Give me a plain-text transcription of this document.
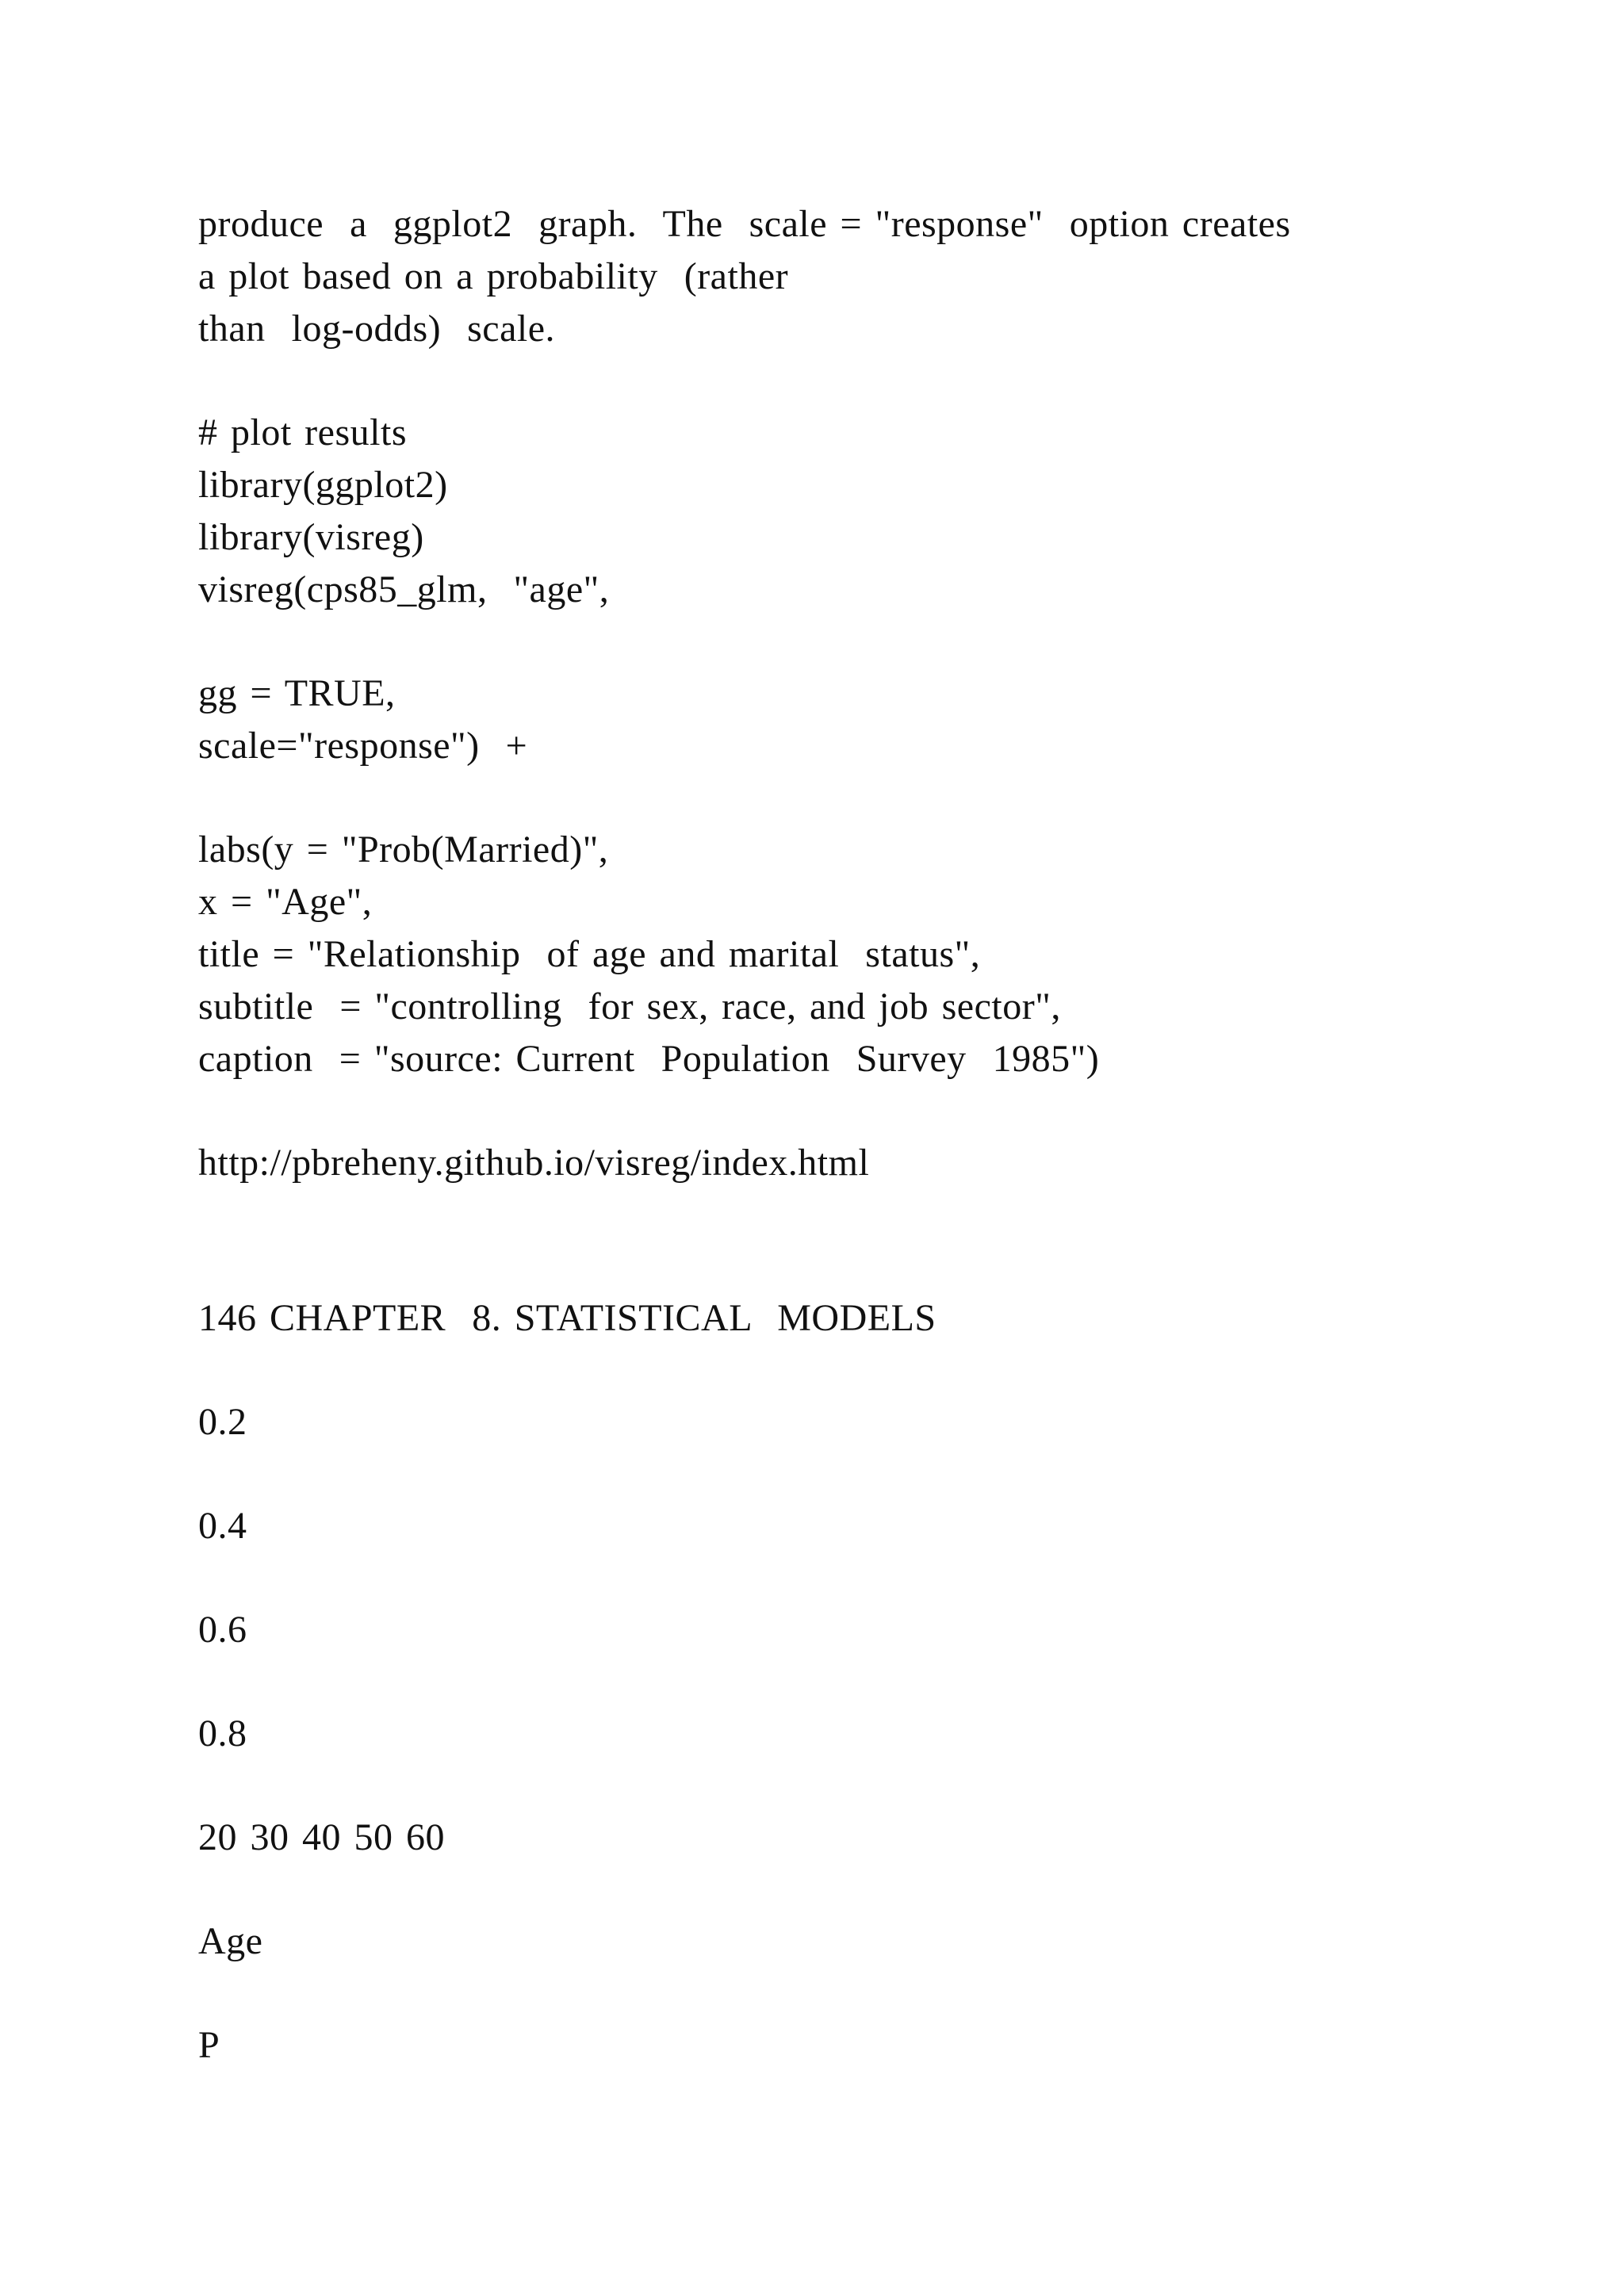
produce  a  ggplot2  graph.  The  scale = "response"  option creates
a plot based on a probability  (rather
than  log-odds)  scale.
# plot results
library(ggplot2)
library(visreg)
visreg(cps85_glm,  "age",
gg = TRUE,
scale="response")  +
labs(y = "Prob(Married)",
x = "Age",
title = "Relationship  of age and marital  status",
subtitle  = "controlling  for sex, race, and job sector",
caption  = "source: Current  Population  Survey  1985")
http://pbreheny.github.io/visreg/index.html
146 CHAPTER  8. STATISTICAL  MODELS
0.2
0.4
0.6
0.8
20 30 40 50 60
Age
P
